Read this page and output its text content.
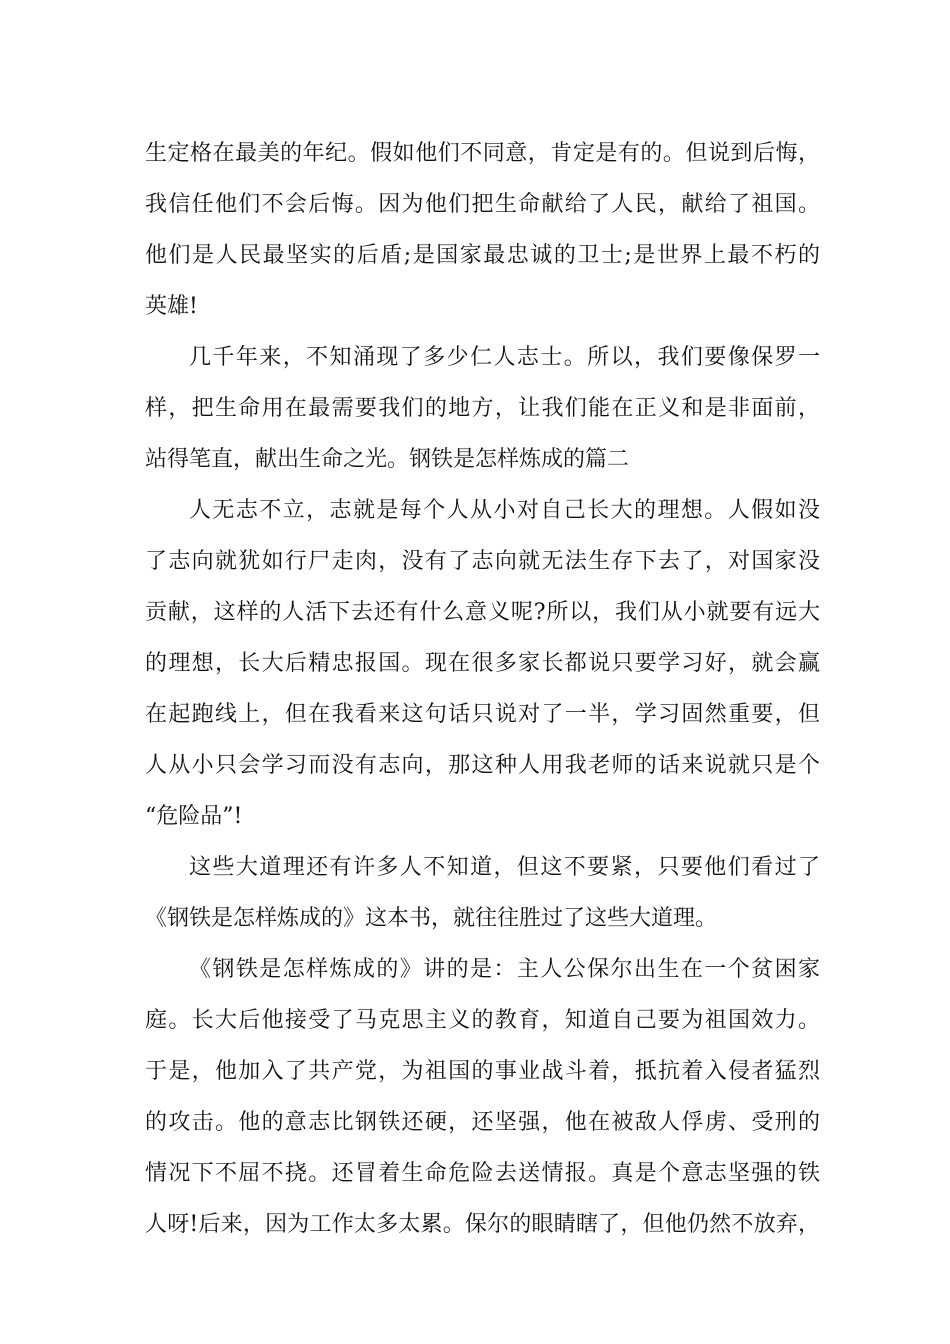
生定格在最美的年纪。假如他们不同意，肯定是有的。但说到后悔，
我信任他们不会后悔。因为他们把生命献给了人民，献给了祖国。
他们是人民最坚实的后盾;是国家最忠诚的卫士;是世界上最不朽的
英雄!
几千年来，不知涌现了多少仁人志士。所以，我们要像保罗一
样，把生命用在最需要我们的地方，让我们能在正义和是非面前，
站得笔直，献出生命之光。钢铁是怎样炼成的篇二
人无志不立，志就是每个人从小对自己长大的理想。人假如没
了志向就犹如行尸走肉，没有了志向就无法生存下去了，对国家没
贡献，这样的人活下去还有什么意义呢?所以，我们从小就要有远大
的理想，长大后精忠报国。现在很多家长都说只要学习好，就会赢
在起跑线上，但在我看来这句话只说对了一半，学习固然重要，但
人从小只会学习而没有志向，那这种人用我老师的话来说就只是个
“危险品”!
这些大道理还有许多人不知道，但这不要紧，只要他们看过了
《钢铁是怎样炼成的》这本书，就往往胜过了这些大道理。
《钢铁是怎样炼成的》讲的是：主人公保尔出生在一个贫困家
庭。长大后他接受了马克思主义的教育，知道自己要为祖国效力。
于是，他加入了共产党，为祖国的事业战斗着，抵抗着入侵者猛烈
的攻击。他的意志比钢铁还硬，还坚强，他在被敌人俘虏、受刑的
情况下不屈不挠。还冒着生命危险去送情报。真是个意志坚强的铁
人呀!后来，因为工作太多太累。保尔的眼睛瞎了，但他仍然不放弃，
